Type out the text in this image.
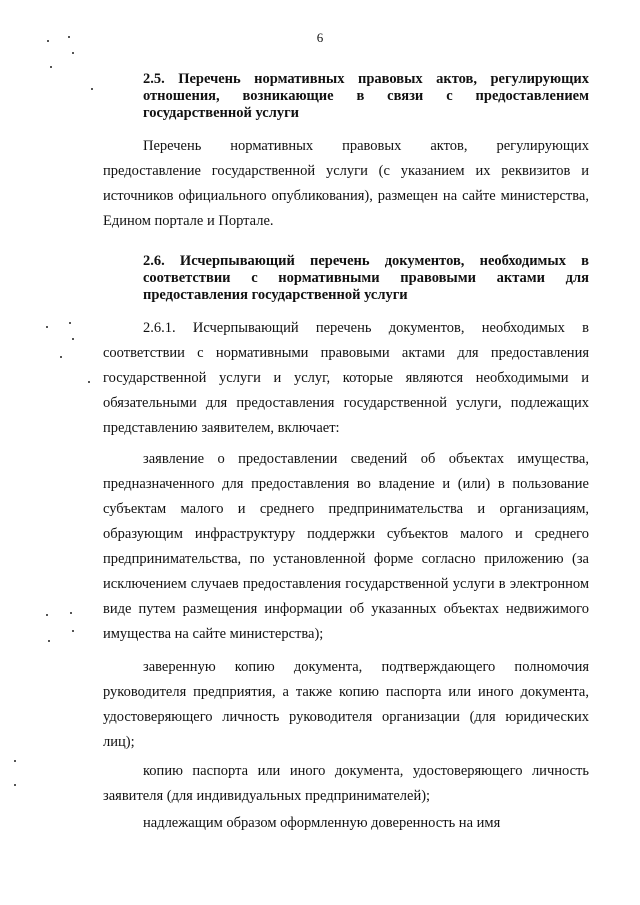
6
2.5. Перечень нормативных правовых актов, регулирующих отношения, возникающие в связи с предоставлением государственной услуги
Перечень нормативных правовых актов, регулирующих предоставление государственной услуги (с указанием их реквизитов и источников официального опубликования), размещен на сайте министерства, Едином портале и Портале.
2.6. Исчерпывающий перечень документов, необходимых в соответствии с нормативными правовыми актами для предоставления государственной услуги
2.6.1. Исчерпывающий перечень документов, необходимых в соответствии с нормативными правовыми актами для предоставления государственной услуги и услуг, которые являются необходимыми и обязательными для предоставления государственной услуги, подлежащих представлению заявителем, включает:
заявление о предоставлении сведений об объектах имущества, предназначенного для предоставления во владение и (или) в пользование субъектам малого и среднего предпринимательства и организациям, образующим инфраструктуру поддержки субъектов малого и среднего предпринимательства, по установленной форме согласно приложению (за исключением случаев предоставления государственной услуги в электронном виде путем размещения информации об указанных объектах недвижимого имущества на сайте министерства);
заверенную копию документа, подтверждающего полномочия руководителя предприятия, а также копию паспорта или иного документа, удостоверяющего личность руководителя организации (для юридических лиц);
копию паспорта или иного документа, удостоверяющего личность заявителя (для индивидуальных предпринимателей);
надлежащим образом оформленную доверенность на имя
